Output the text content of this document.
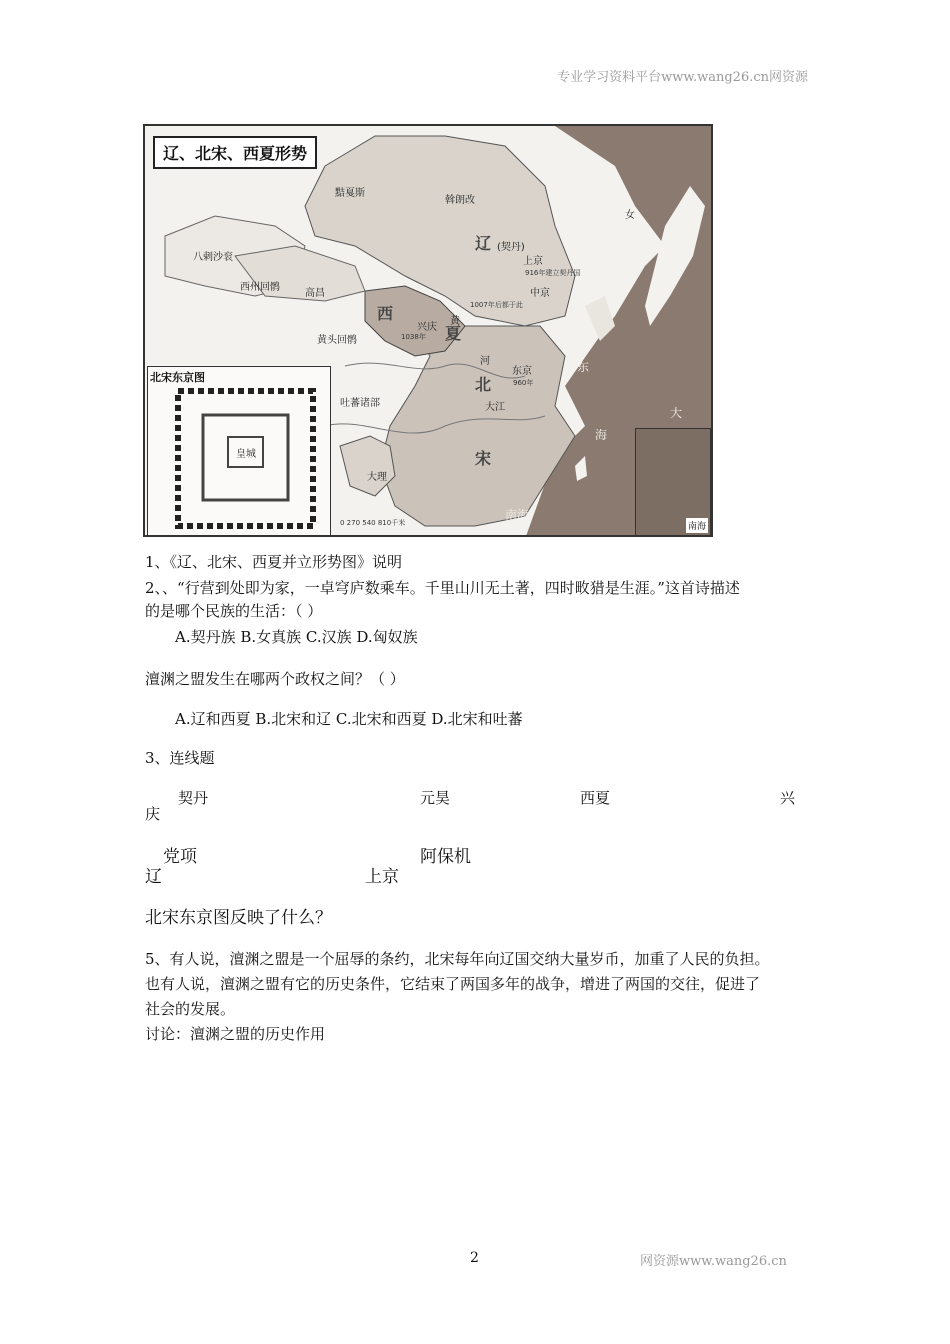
专业学习资料平台www.wang26.cn网资源
辽、北宋、西夏形势
辽 (契丹)
上京
916年建立契丹国
中京
1007年后都于此
西
夏
兴庆
1038年
黄
河
北
东京
960年
大江
宋
大理
高昌
八剌沙衮
西州回鹘
黄头回鹘
吐蕃诸部
黠戛斯
斡朗改
女
东
大
海
南海
0 270 540 810千米
北宋东京图
皇城
南海
1、《辽、北宋、西夏并立形势图》说明
2、、“行营到处即为家，一卓穹庐数乘车。千里山川无土著，四时畋猎是生涯。”这首诗描述
的是哪个民族的生活：（ ）
A.契丹族 B.女真族 C.汉族 D.匈奴族
澶渊之盟发生在哪两个政权之间？（ ）
A.辽和西夏 B.北宋和辽 C.北宋和西夏 D.北宋和吐蕃
3、连线题
契丹	元昊	西夏	兴
庆
党项	阿保机
辽	上京
北宋东京图反映了什么？
5、有人说，澶渊之盟是一个屈辱的条约，北宋每年向辽国交纳大量岁币，加重了人民的负担。
也有人说，澶渊之盟有它的历史条件，它结束了两国多年的战争，增进了两国的交往，促进了
社会的发展。
讨论：澶渊之盟的历史作用
2	网资源www.wang26.cn
